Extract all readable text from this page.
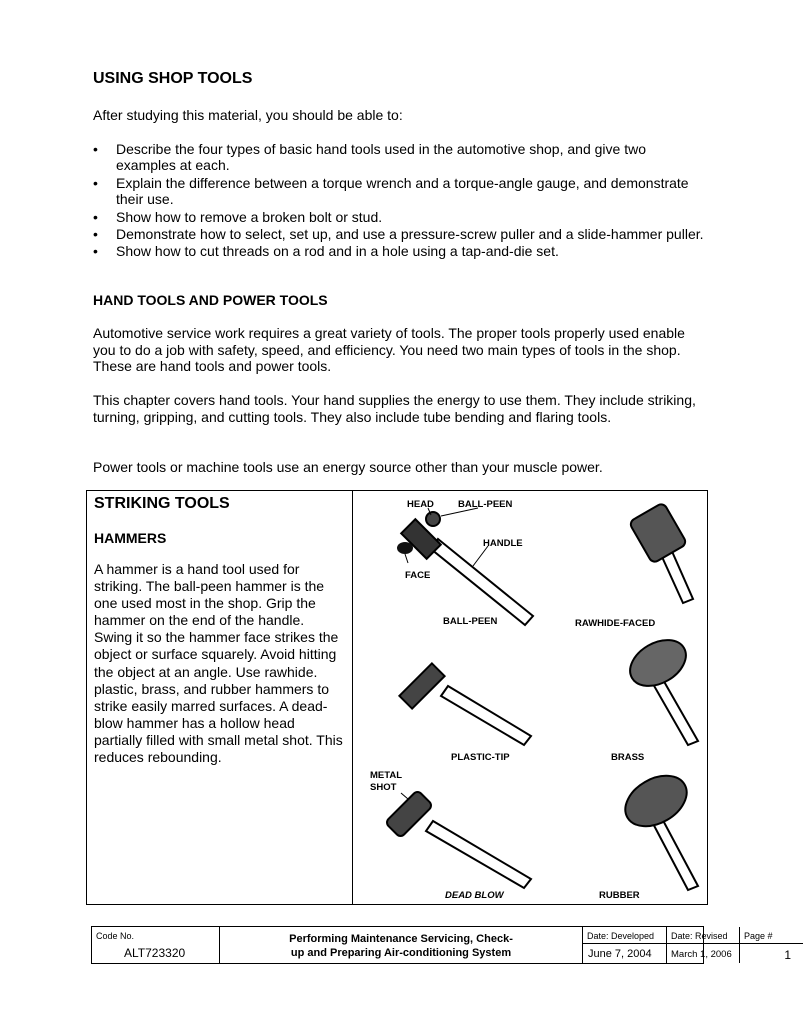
USING SHOP TOOLS
After studying this material, you should be able to:
• Describe the four types of basic hand tools used in the automotive shop, and give two examples at each.
• Explain the difference between a torque wrench and a torque-angle gauge, and demonstrate their use.
• Show how to remove a broken bolt or stud.
• Demonstrate how to select, set up, and use a pressure-screw puller and a slide-hammer puller.
• Show how to cut threads on a rod and in a hole using a tap-and-die set.
HAND TOOLS AND POWER TOOLS

Automotive service work requires a great variety of tools. The proper tools properly used enable you to do a job with safety, speed, and efficiency. You need two main types of tools in the shop. These are hand tools and power tools.

This chapter covers hand tools. Your hand supplies the energy to use them. They include striking, turning, gripping, and cutting tools. They also include tube bending and flaring tools.

Power tools or machine tools use an energy source other than your muscle power.

STRIKING TOOLS
HAMMERS

A hammer is a hand tool used for striking. The ball-peen hammer is the one used most in the shop. Grip the hammer on the end of the handle. Swing it so the hammer face strikes the object or surface squarely. Avoid hitting the object at an angle. Use rawhide. plastic, brass, and rubber hammers to strike easily marred surfaces. A dead-blow hammer has a hollow head partially filled with small metal shot. This reduces rebounding.

HEAD	BALL-PEEN
HANDLE
FACE
BALL-PEEN	RAWHIDE-FACED
PLASTIC-TIP	BRASS
METAL
SHOT
DEAD BLOW	RUBBER
Code No.
ALT723320
Performing Maintenance Servicing, Check-
up and Preparing Air-conditioning System
Date: Developed
June 7, 2004
Date: Revised
March 1, 2006
Page #
1
